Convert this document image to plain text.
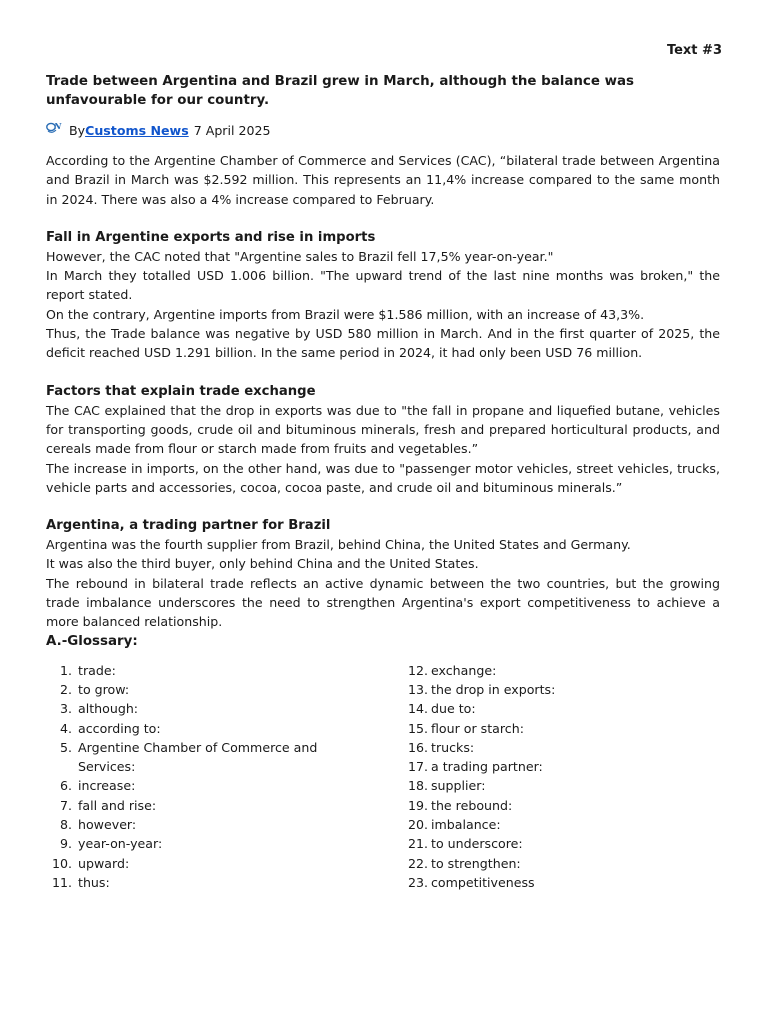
Text #3

Trade between Argentina and Brazil grew in March, although the balance was unfavourable for our country.

N By Customs News 7 April 2025

According to the Argentine Chamber of Commerce and Services (CAC), “bilateral trade between Argentina and Brazil in March was $2.592 million. This represents an 11,4% increase compared to the same month in 2024. There was also a 4% increase compared to February.

Fall in Argentine exports and rise in imports

However, the CAC noted that "Argentine sales to Brazil fell 17,5% year-on-year."

In March they totalled USD 1.006 billion. "The upward trend of the last nine months was broken," the report stated.

On the contrary, Argentine imports from Brazil were $1.586 million, with an increase of 43,3%.

Thus, the Trade balance was negative by USD 580 million in March. And in the first quarter of 2025, the deficit reached USD 1.291 billion. In the same period in 2024, it had only been USD 76 million.

Factors that explain trade exchange

The CAC explained that the drop in exports was due to "the fall in propane and liquefied butane, vehicles for transporting goods, crude oil and bituminous minerals, fresh and prepared horticultural products, and cereals made from flour or starch made from fruits and vegetables.”

The increase in imports, on the other hand, was due to "passenger motor vehicles, street vehicles, trucks, vehicle parts and accessories, cocoa, cocoa paste, and crude oil and bituminous minerals.”

Argentina, a trading partner for Brazil

Argentina was the fourth supplier from Brazil, behind China, the United States and Germany.

It was also the third buyer, only behind China and the United States.

The rebound in bilateral trade reflects an active dynamic between the two countries, but the growing trade imbalance underscores the need to strengthen Argentina's export competitiveness to achieve a more balanced relationship.

A.-Glossary:

1. trade:
2. to grow:
3. although:
4. according to:
5. Argentine Chamber of Commerce and Services:
6. increase:
7. fall and rise:
8. however:
9. year-on-year:
10. upward:
11. thus:
12. exchange:
13. the drop in exports:
14. due to:
15. flour or starch:
16. trucks:
17. a trading partner:
18. supplier:
19. the rebound:
20. imbalance:
21. to underscore:
22. to strengthen:
23. competitiveness
